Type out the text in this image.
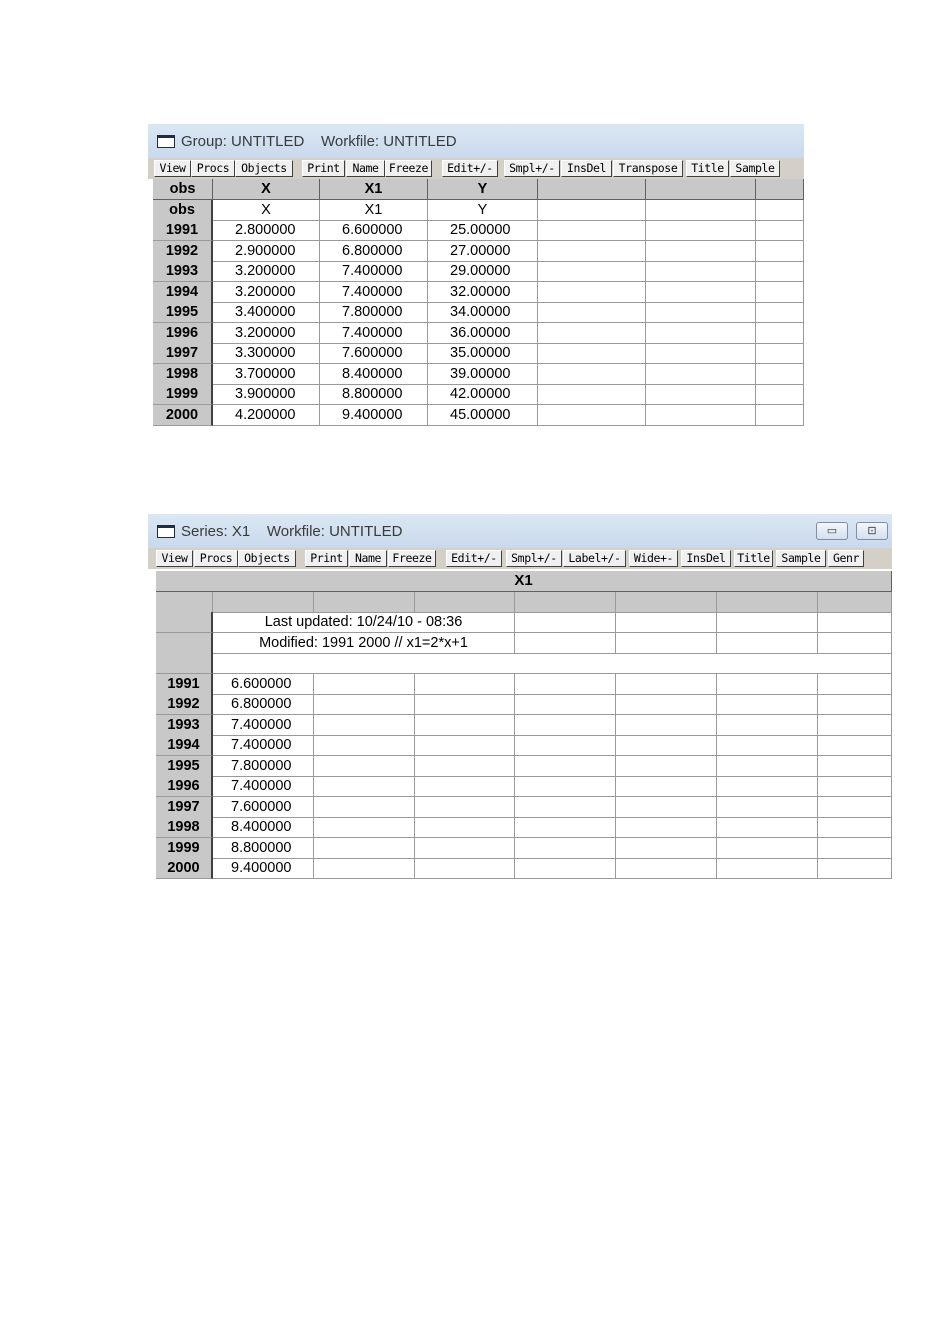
Group: UNTITLED    Workfile: UNTITLED
View Procs	Objects	Print	Name Freeze	Edit+/-	Smpl+/-	InsDel	Transpose	Title	Sample
obs	X	X1	Y
obs	X	X1	Y
1991	2.800000	6.600000	25.00000
1992	2.900000	6.800000	27.00000
1993	3.200000	7.400000	29.00000
1994	3.200000	7.400000	32.00000
1995	3.400000	7.800000	34.00000
1996	3.200000	7.400000	36.00000
1997	3.300000	7.600000	35.00000
1998	3.700000	8.400000	39.00000
1999	3.900000	8.800000	42.00000
2000	4.200000	9.400000	45.00000
Series: X1    Workfile: UNTITLED	▭	⊡
View	Procs	Objects	Print	Name Freeze	Edit+/-	Smpl+/-	Label+/-	Wide+-	InsDel	Title	Sample	Genr
X1
Last updated: 10/24/10 - 08:36
Modified: 1991 2000 // x1=2*x+1
1991	6.600000
1992	6.800000
1993	7.400000
1994	7.400000
1995	7.800000
1996	7.400000
1997	7.600000
1998	8.400000
1999	8.800000
2000	9.400000
